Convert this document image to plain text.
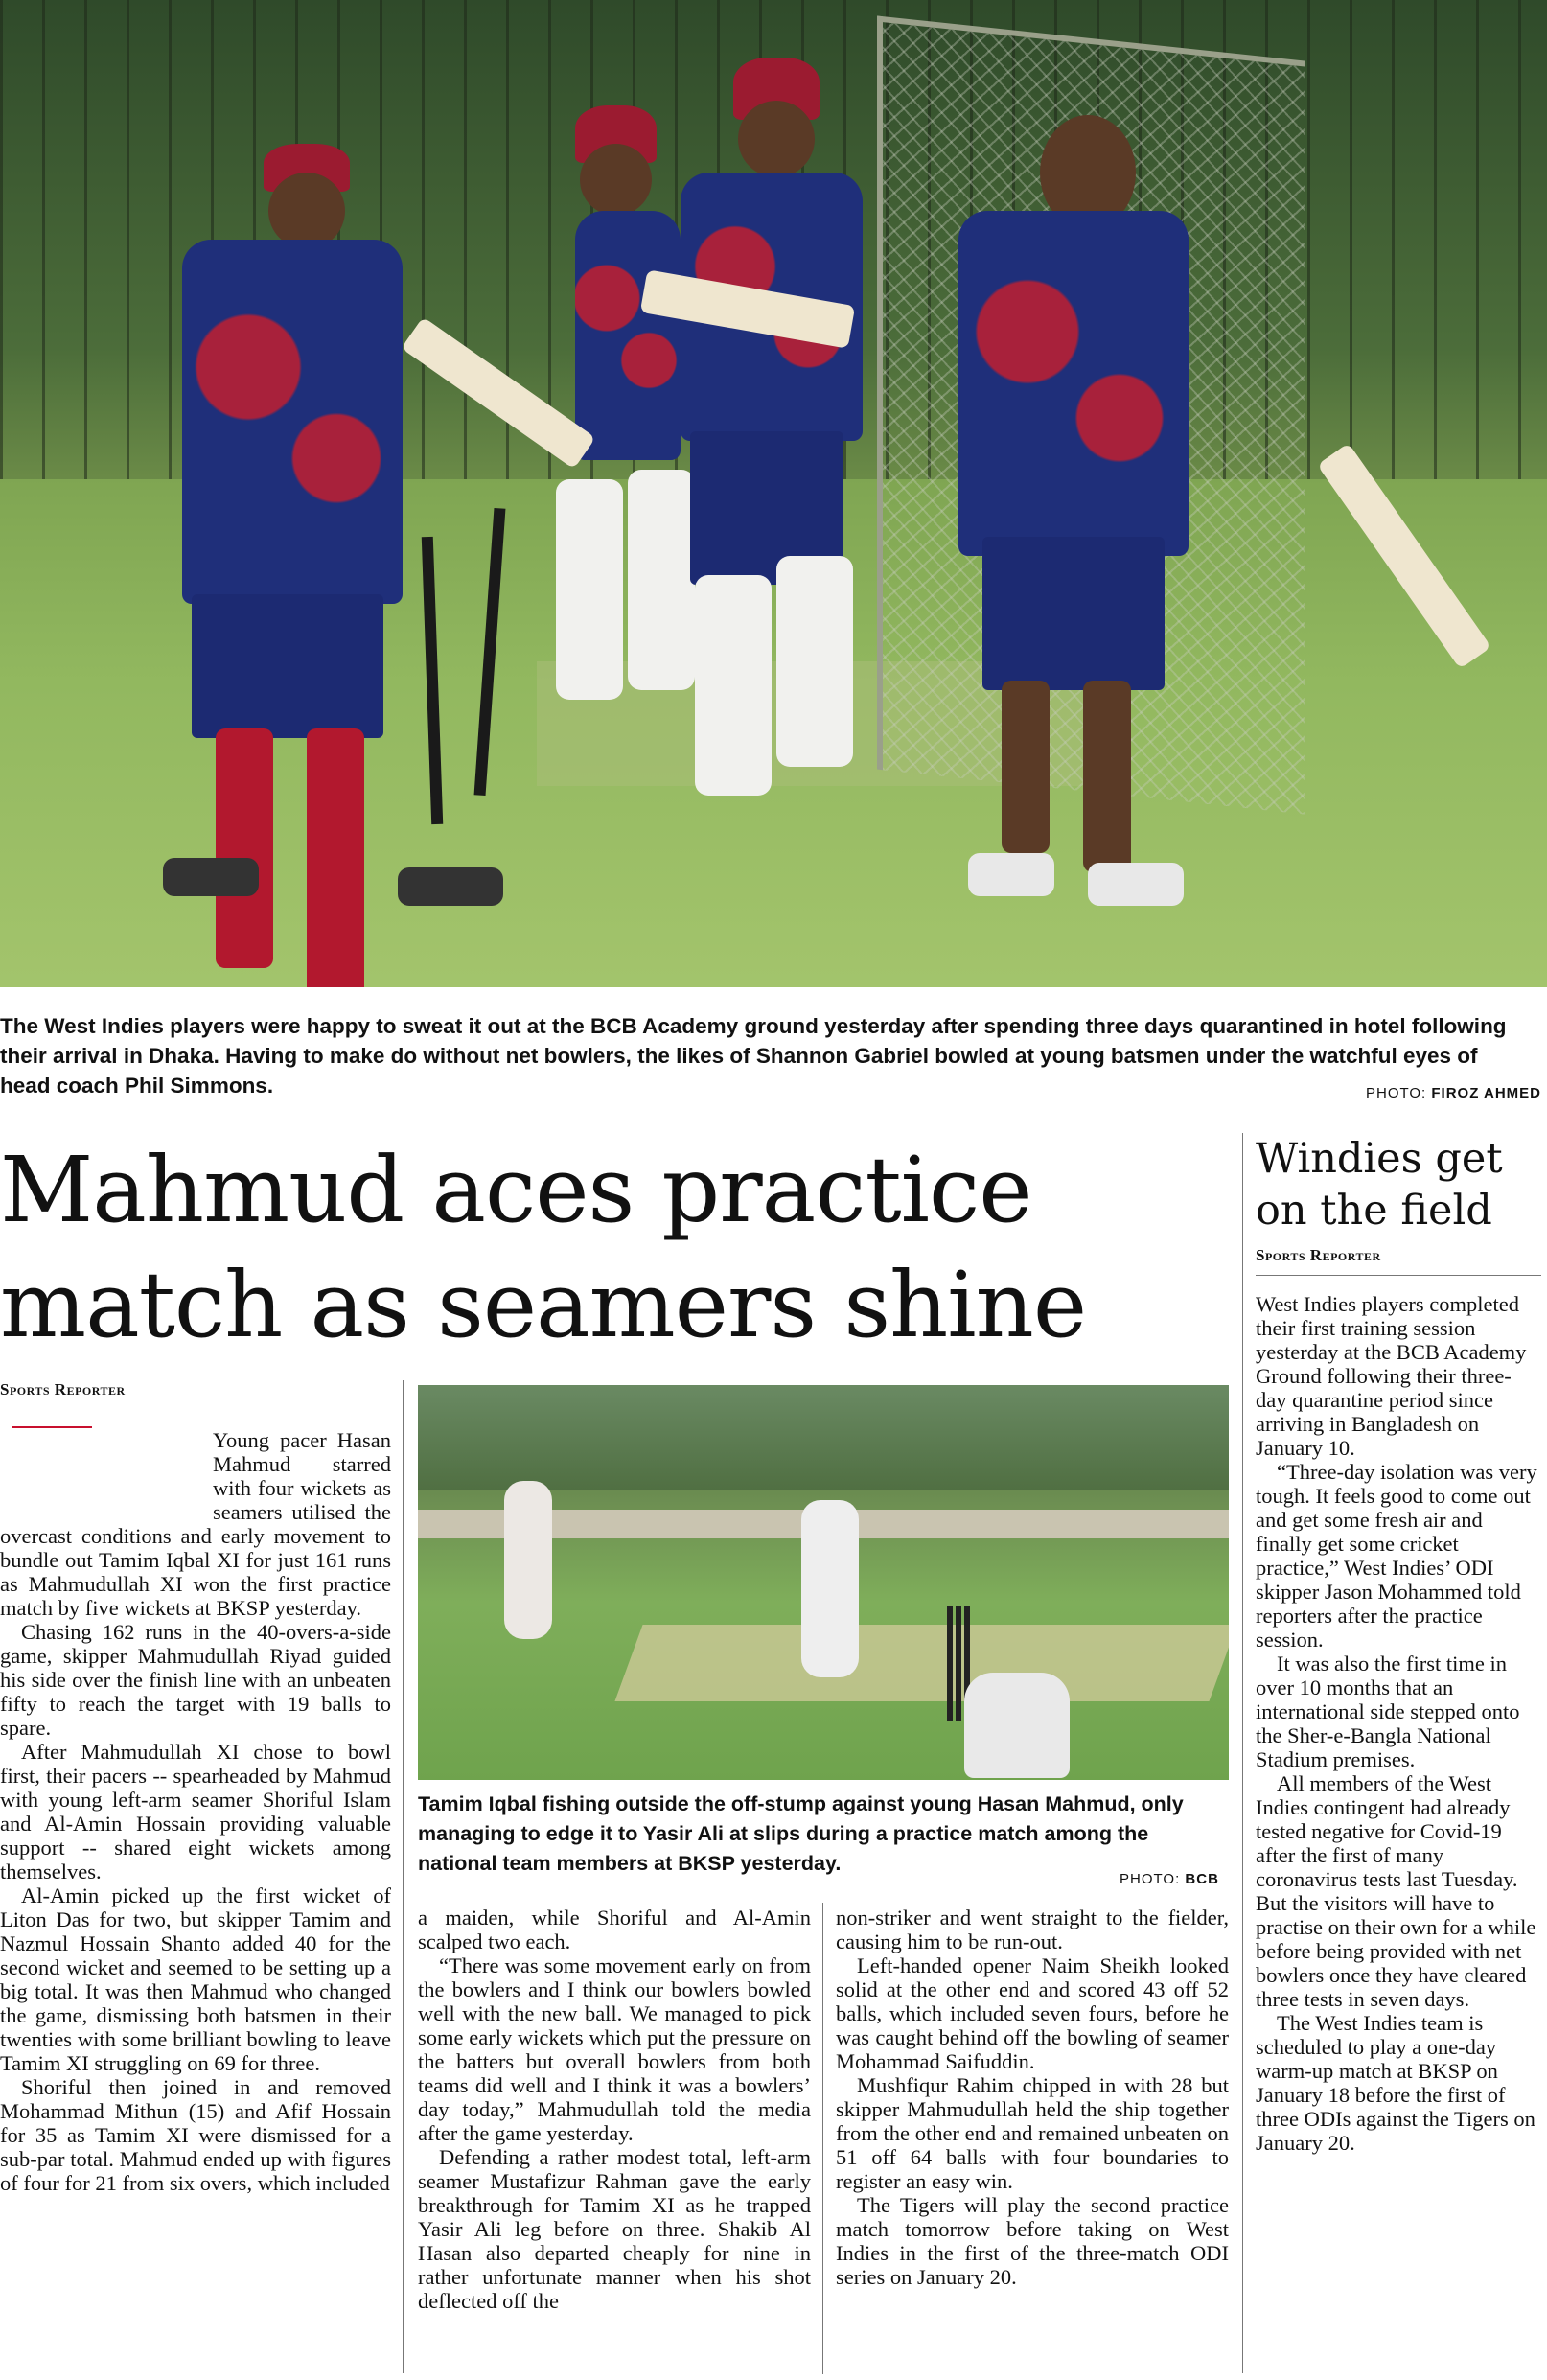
The West Indies players were happy to sweat it out at the BCB Academy ground yesterday after spending three days quarantined in hotel following their arrival in Dhaka. Having to make do without net bowlers, the likes of Shannon Gabriel bowled at young batsmen under the watchful eyes of head coach Phil Simmons.	PHOTO: FIROZ AHMED
Mahmud aces practice match as seamers shine
Sports Reporter

Young pacer Hasan Mahmud starred with four wickets as seamers utilised the overcast conditions and early movement to bundle out Tamim Iqbal XI for just 161 runs as Mahmudullah XI won the first practice match by five wickets at BKSP yesterday.

Chasing 162 runs in the 40-overs-a-side game, skipper Mahmudullah Riyad guided his side over the finish line with an unbeaten fifty to reach the target with 19 balls to spare.

After Mahmudullah XI chose to bowl first, their pacers -- spearheaded by Mahmud with young left-arm seamer Shoriful Islam and Al-Amin Hossain providing valuable support -- shared eight wickets among themselves.

Al-Amin picked up the first wicket of Liton Das for two, but skipper Tamim and Nazmul Hossain Shanto added 40 for the second wicket and seemed to be setting up a big total. It was then Mahmud who changed the game, dismissing both batsmen in their twenties with some brilliant bowling to leave Tamim XI struggling on 69 for three.

Shoriful then joined in and removed Mohammad Mithun (15) and Afif Hossain for 35 as Tamim XI were dismissed for a sub-par total. Mahmud ended up with figures of four for 21 from six overs, which included

Tamim Iqbal fishing outside the off-stump against young Hasan Mahmud, only managing to edge it to Yasir Ali at slips during a practice match among the national team members at BKSP yesterday.
PHOTO: BCB

a maiden, while Shoriful and Al-Amin scalped two each.

“There was some movement early on from the bowlers and I think our bowlers bowled well with the new ball. We managed to pick some early wickets which put the pressure on the batters but overall bowlers from both teams did well and I think it was a bowlers’ day today,” Mahmudullah told the media after the game yesterday.

Defending a rather modest total, left-arm seamer Mustafizur Rahman gave the early breakthrough for Tamim XI as he trapped Yasir Ali leg before on three. Shakib Al Hasan also departed cheaply for nine in rather unfortunate manner when his shot deflected off the

non-striker and went straight to the fielder, causing him to be run-out.

Left-handed opener Naim Sheikh looked solid at the other end and scored 43 off 52 balls, which included seven fours, before he was caught behind off the bowling of seamer Mohammad Saifuddin.

Mushfiqur Rahim chipped in with 28 but skipper Mahmudullah held the ship together from the other end and remained unbeaten on 51 off 64 balls with four boundaries to register an easy win.

The Tigers will play the second practice match tomorrow before taking on West Indies in the first of the three-match ODI series on January 20.

Windies get on the field
Sports Reporter

West Indies players completed their first training session yesterday at the BCB Academy Ground following their three-day quarantine period since arriving in Bangladesh on January 10.

“Three-day isolation was very tough. It feels good to come out and get some fresh air and finally get some cricket practice,” West Indies’ ODI skipper Jason Mohammed told reporters after the practice session.

It was also the first time in over 10 months that an international side stepped onto the Sher-e-Bangla National Stadium premises.

All members of the West Indies contingent had already tested negative for Covid-19 after the first of many coronavirus tests last Tuesday. But the visitors will have to practise on their own for a while before being provided with net bowlers once they have cleared three tests in seven days.

The West Indies team is scheduled to play a one-day warm-up match at BKSP on January 18 before the first of three ODIs against the Tigers on January 20.
